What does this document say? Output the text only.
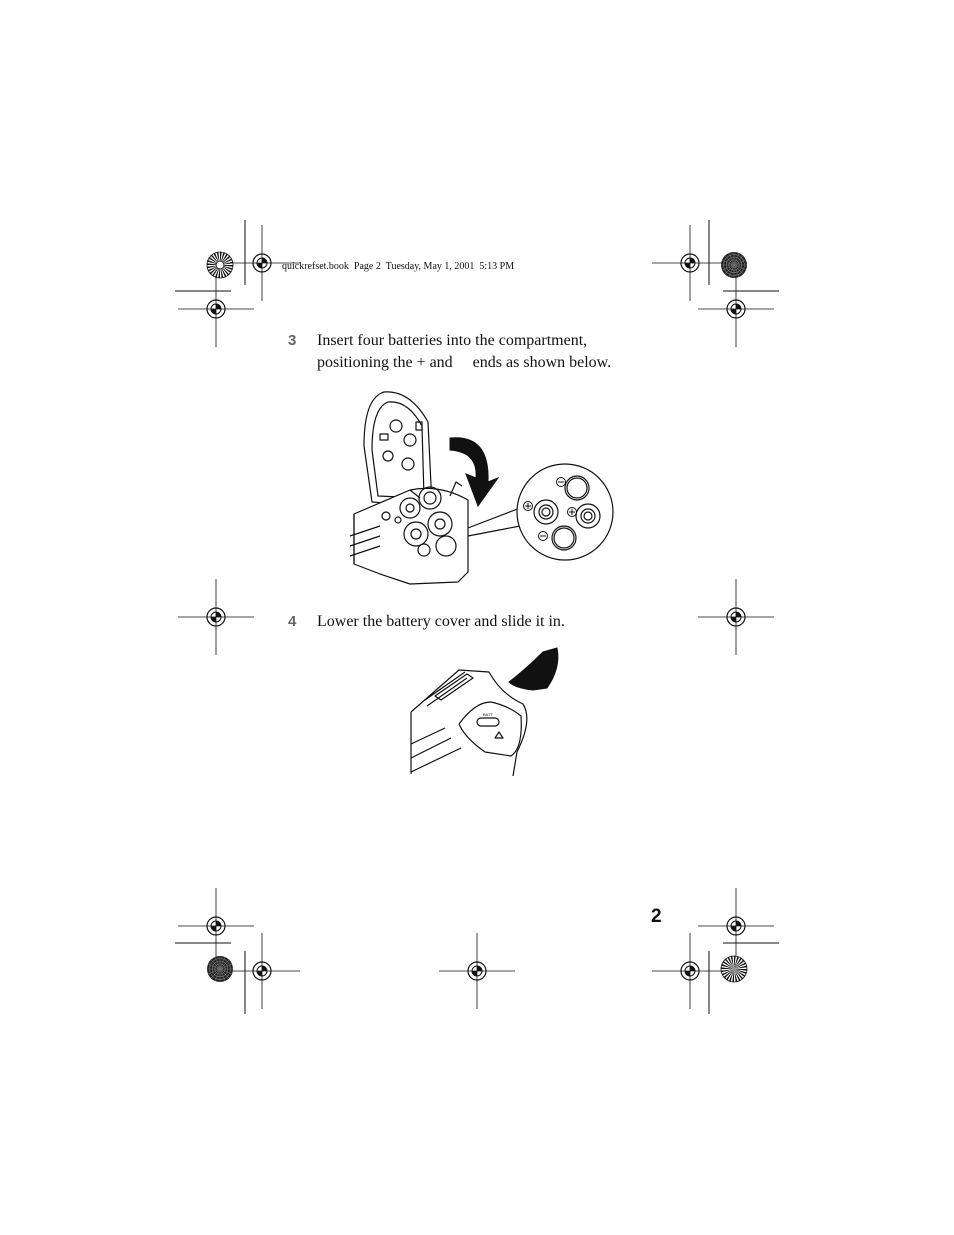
quickrefset.book  Page 2  Tuesday, May 1, 2001  5:13 PM
3 Insert four batteries into the compartment,
positioning the + and     ends as shown below.
4 Lower the battery cover and slide it in.
BATT
2
